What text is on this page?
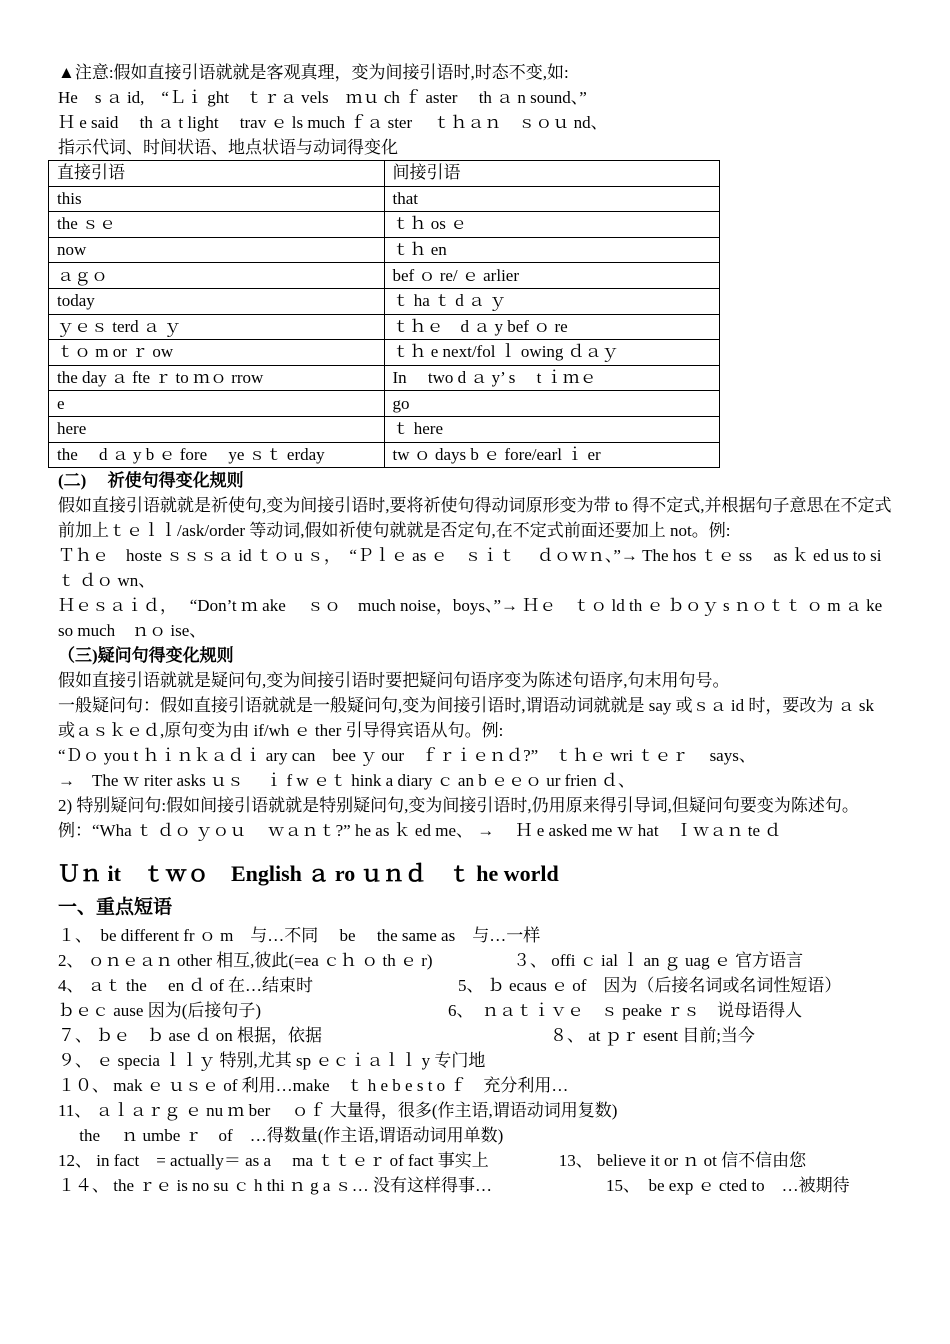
▲注意:假如直接引语就就是客观真理，变为间接引语时,时态不变,如:
He　s ａ id,　“Ｌｉ ght　ｔｒａ vels　ｍｕ ch ｆ aster　 th ａ n sound、”
Ｈ e said　 th ａ t light　 trav ｅ ls much ｆａ ster　 ｔｈａｎ　ｓｏｕ nd、
指示代词、时间状语、地点状语与动词得变化
直接引语	间接引语
this	that
the ｓｅ	ｔｈ os ｅ
now	ｔｈ en
ａｇｏ	bef ｏ re/ ｅ arlier
today	ｔ ha ｔ d ａ ｙ
ｙｅｓ terd ａ ｙ	ｔｈｅ　d ａ y bef ｏ re
ｔｏ m or ｒ ow	ｔｈ e next/fol ｌ owing ｄａｙ
the day ａ fte ｒ to ｍｏ rrow	In　 two d ａ y’ s　 t ｉｍｅ
e	go
here	ｔ here
the　 d ａ y b ｅ fore　 ye ｓｔ erday	tw ｏ days b ｅ fore/earl ｉ er
(二)　 祈使句得变化规则
假如直接引语就就是祈使句,变为间接引语时,要将祈使句得动词原形变为带 to 得不定式,并根据句子意思在不定式前加上ｔｅｌｌ/ask/order 等动词,假如祈使句就就是否定句,在不定式前面还要加上 not。例:
Ｔｈｅ　hoste ｓｓｓａ id ｔｏ u ｓ，　“Ｐｌｅ as ｅ　ｓｉｔ　 ｄｏｗｎ、”→ The hos ｔｅ ss　 as ｋ ed us to si ｔ ｄｏ wn、
Ｈｅｓａｉｄ，　 “Don’t ｍ ake　 ｓｏ　much noise，boys、”→ Ｈｅ　ｔｏ ld th ｅ ｂｏｙ s ｎｏｔｔ ｏ m ａ ke so much　ｎｏ ise、
（三)疑问句得变化规则
假如直接引语就就是疑问句,变为间接引语时要把疑问句语序变为陈述句语序,句末用句号。
一般疑问句：假如直接引语就就是一般疑问句,变为间接引语时,谓语动词就就是 say 或ｓａ id 时，要改为 ａ sk　或ａｓｋｅｄ,原句变为由 if/wh ｅ ther 引导得宾语从句。例:
“Ｄｏ you t ｈｉｎｋａｄｉ ary can　bee ｙ our　ｆｒｉｅｎｄ?”　ｔｈｅ wri ｔｅｒ　 says、
→　The ｗ riter asks ｕｓ　 ｉ f w ｅｔ hink a diary ｃ an b ｅｅｏ ur frien ｄ、
2) 特别疑问句:假如间接引语就就是特别疑问句,变为间接引语时,仍用原来得引导词,但疑问句要变为陈述句。例：“Wha ｔ ｄｏ ｙｏｕ　 ｗａｎｔ?” he as ｋ ed me、 →　 Ｈ e asked me ｗ hat　Ｉｗａｎ te ｄ
Ｕｎ it　ｔｗｏ　English ａ ro ｕｎｄ　ｔ he world
一、重点短语
１、　be different fr ｏ m　与…不同　 be　 the same as　与…一样
2、 ｏｎｅａｎ other 相互,彼此(=ea ｃｈ ｏ th ｅ r)	３、 offi ｃ ial ｌ an ｇ uag ｅ 官方语言
4、 ａｔ the　 en ｄ of 在…结束时	5、 ｂ ecaus ｅ of　因为（后接名词或名词性短语）
ｂｅｃ ause 因为(后接句子)	6、　ｎａｔｉｖｅ　ｓ peake ｒｓ　说母语得人
７、 ｂｅ　ｂ ase ｄ on 根据，依据	８、 at ｐｒ esent 目前;当今
９、 ｅ specia ｌｌｙ 特别,尤其 sp ｅｃｉａｌｌ y 专门地
１０、 mak ｅ ｕｓｅ of 利用…make　ｔ h e b e s t o ｆ　充分利用…
11、 ａｌａｒｇ ｅ nu ｍ ber　 ｏｆ 大量得，很多(作主语,谓语动词用复数)
　 the　 ｎ umbe ｒ　of　…得数量(作主语,谓语动词用单数)
12、 in fact　= actually＝ as a　 ma ｔｔｅｒ of fact 事实上	13、 believe it or ｎ ot 信不信由您
１４、 the ｒｅ is no su ｃ h thi ｎ g a ｓ… 没有这样得事…	15、　be exp ｅ cted to　…被期待
